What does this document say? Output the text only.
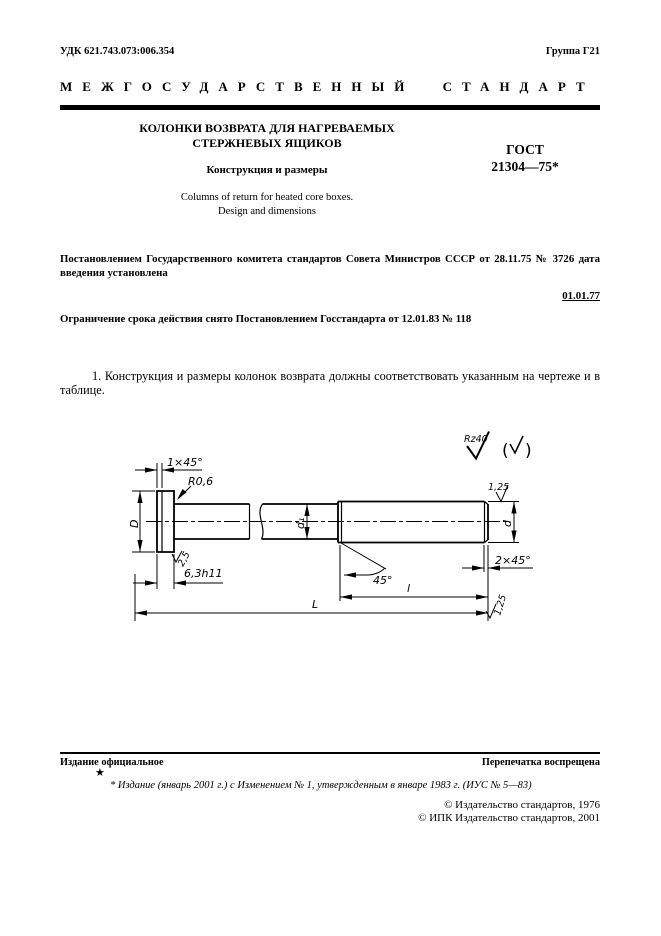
УДК 621.743.073:006.354	Группа Г21
МЕЖГОСУДАРСТВЕННЫЙ СТАНДАРТ
КОЛОНКИ ВОЗВРАТА ДЛЯ НАГРЕВАЕМЫХ
СТЕРЖНЕВЫХ ЯЩИКОВ
Конструкция и размеры
Columns of return for heated core boxes.
Design and dimensions
ГОСТ
21304—75*
Постановлением Государственного комитета стандартов Совета Министров СССР от 28.11.75 № 3726 дата введения установлена
01.01.77
Ограничение срока действия снято Постановлением Госстандарта от 12.01.83 № 118
1. Конструкция и размеры колонок возврата должны соответствовать указанным на чертеже и в таблице.
Rz40
( )
1×45°
R0,6
D
2,5
6,3h11
d₁
45°
l
L
1,25
d
2×45°
1,25
Издание официальное	Перепечатка воспрещена
★
* Издание (январь 2001 г.) с Изменением № 1, утвержденным в январе 1983 г. (ИУС № 5—83)
© Издательство стандартов, 1976
© ИПК Издательство стандартов, 2001
